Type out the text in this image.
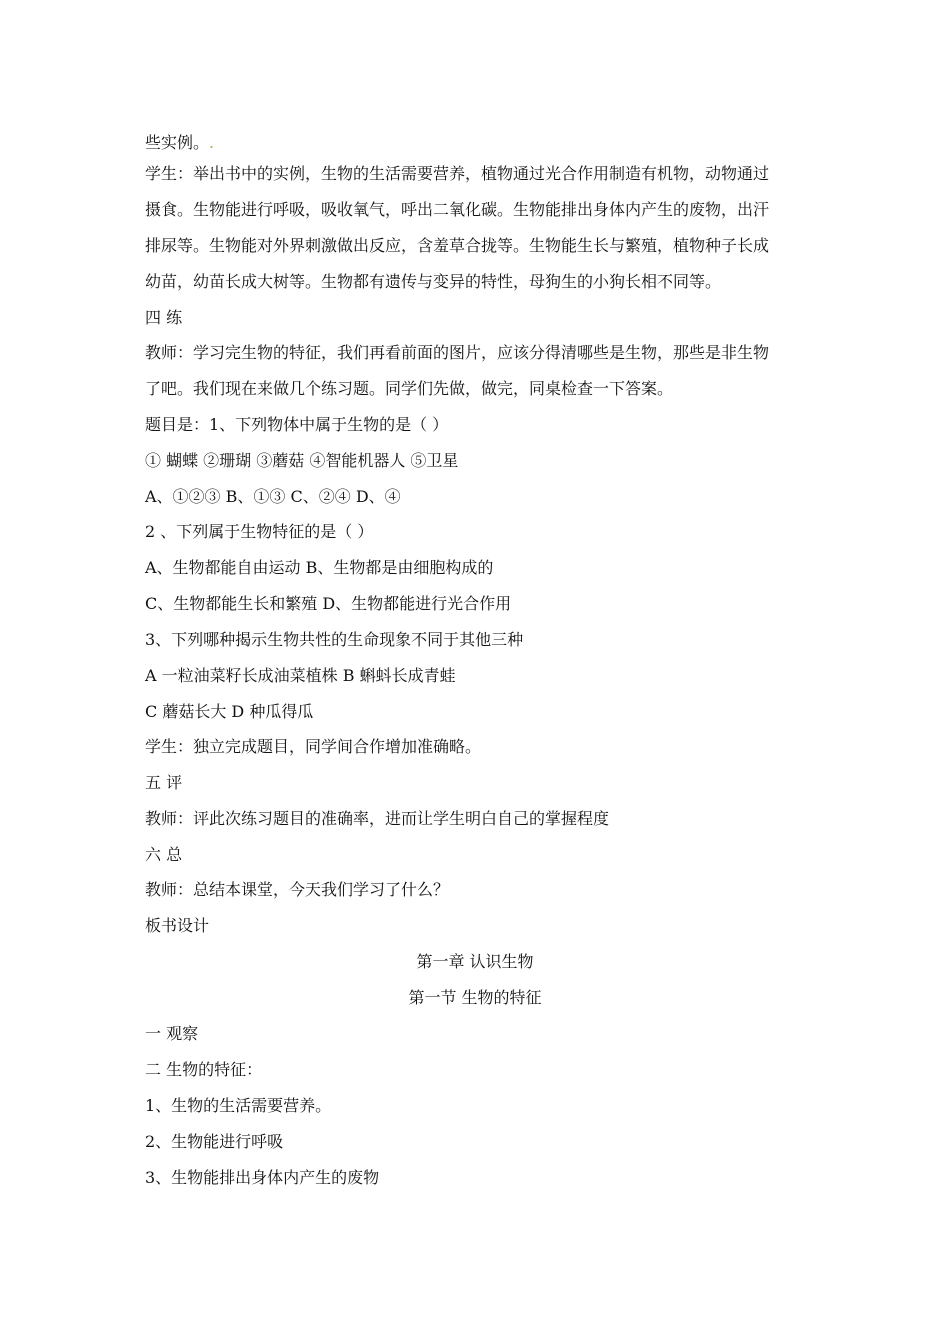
些实例。.
学生：举出书中的实例，生物的生活需要营养，植物通过光合作用制造有机物，动物通过
摄食。生物能进行呼吸，吸收氧气，呼出二氧化碳。生物能排出身体内产生的废物，出汗
排尿等。生物能对外界刺激做出反应，含羞草合拢等。生物能生长与繁殖，植物种子长成
幼苗，幼苗长成大树等。生物都有遗传与变异的特性，母狗生的小狗长相不同等。
四 练
教师：学习完生物的特征，我们再看前面的图片，应该分得清哪些是生物，那些是非生物
了吧。我们现在来做几个练习题。同学们先做，做完，同桌检查一下答案。
题目是：1、下列物体中属于生物的是（ ）
① 蝴蝶 ②珊瑚 ③蘑菇 ④智能机器人 ⑤卫星
A、①②③ B、①③ C、②④ D、④
2 、下列属于生物特征的是（ ）
A、生物都能自由运动 B、生物都是由细胞构成的
C、生物都能生长和繁殖 D、生物都能进行光合作用
3、下列哪种揭示生物共性的生命现象不同于其他三种
A 一粒油菜籽长成油菜植株 B 蝌蚪长成青蛙
C 蘑菇长大 D 种瓜得瓜
学生：独立完成题目，同学间合作增加准确略。
五 评
教师：评此次练习题目的准确率，进而让学生明白自己的掌握程度
六 总
教师：总结本课堂，今天我们学习了什么？
板书设计
第一章 认识生物
第一节 生物的特征
一 观察
二 生物的特征：
1、生物的生活需要营养。
2、生物能进行呼吸
3、生物能排出身体内产生的废物
